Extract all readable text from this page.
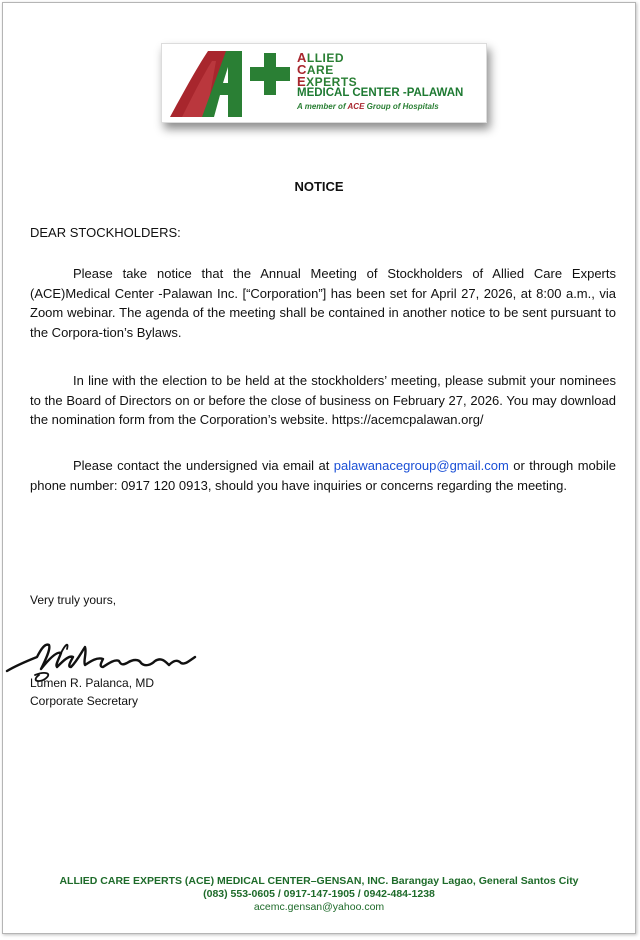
ALLIED
CARE
EXPERTS
MEDICAL CENTER -PALAWAN
A member of ACE Group of Hospitals
NOTICE
DEAR STOCKHOLDERS:

Please take notice that the Annual Meeting of Stockholders of Allied Care Experts (ACE)Medical Center -Palawan Inc. [“Corporation”] has been set for April 27, 2026, at 8:00 a.m., via Zoom webinar. The agenda of the meeting shall be contained in another notice to be sent pursuant to the Corpora-tion’s Bylaws.

In line with the election to be held at the stockholders’ meeting, please submit your nominees to the Board of Directors on or before the close of business on February 27, 2026. You may download the nomination form from the Corporation’s website. https://acemcpalawan.org/

Please contact the undersigned via email at palawanacegroup@gmail.com or through mobile phone number: 0917 120 0913, should you have inquiries or concerns regarding the meeting.

Very truly yours,
Lumen R. Palanca, MD
Corporate Secretary
ALLIED CARE EXPERTS (ACE) MEDICAL CENTER–GENSAN, INC. Barangay Lagao, General Santos City
(083) 553-0605 / 0917-147-1905 / 0942-484-1238
acemc.gensan@yahoo.com
